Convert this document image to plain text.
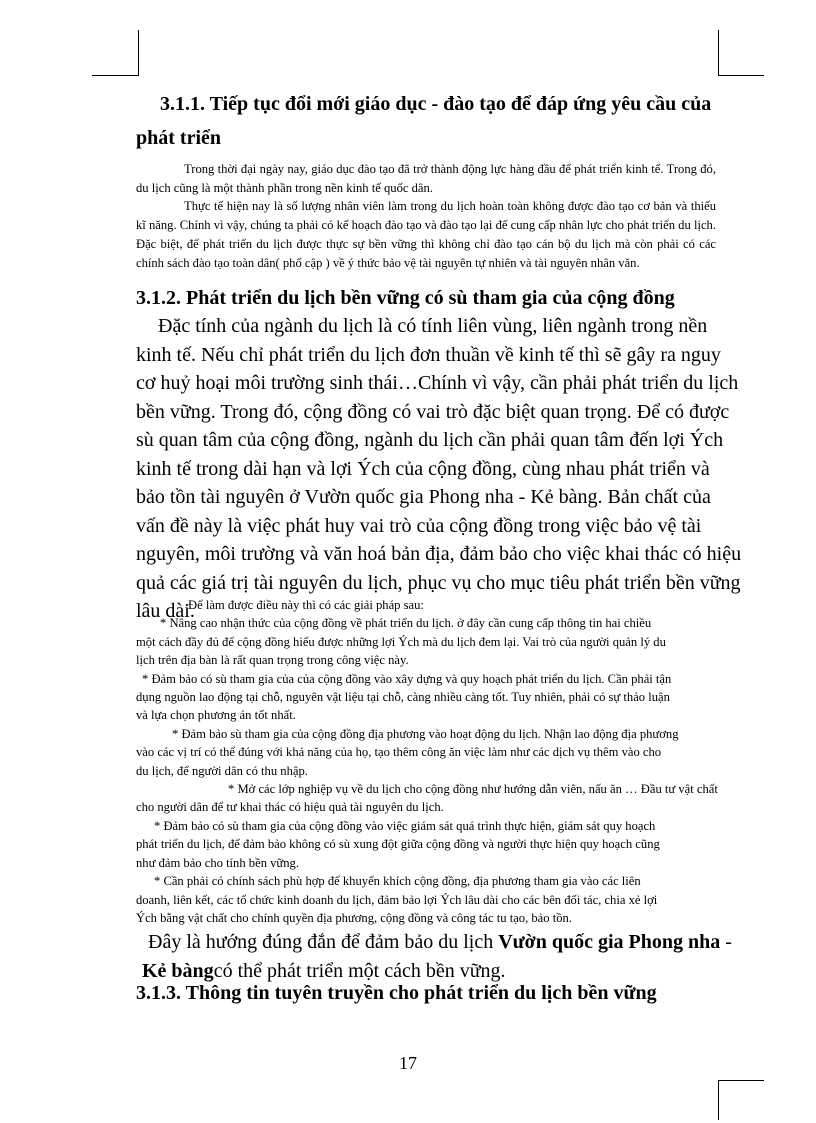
3.1.1. Tiếp tục đổi mới giáo dục - đào tạo để đáp ứng yêu cầu của
phát triển

Trong thời đại ngày nay, giáo dục đào tạo đã trở thành động lực hàng đầu để phát triển kinh tế. Trong đó, du lịch cũng là một thành phần trong nền kinh tế quốc dân.

Thực tế hiện nay là số lượng nhân viên làm trong du lịch hoàn toàn không được đào tạo cơ bản và thiếu kĩ năng. Chính vì vậy, chúng ta phải có kế hoạch đào tạo và đào tạo lại để cung cấp nhân lực cho phát triển du lịch. Đặc biệt, để phát triển du lịch được thực sự bền vững thì không chỉ đào tạo cán bộ du lịch mà còn phải có các chính sách đào tạo toàn dân( phổ cập ) về ý thức bảo vệ tài nguyên tự nhiên và tài nguyên nhân văn.

3.1.2. Phát triển du lịch bền vững có sù tham gia của cộng đồng
Đặc tính của ngành du lịch là có tính liên vùng, liên ngành trong nền
kinh tế. Nếu chỉ phát triển du lịch đơn thuần về kinh tế thì sẽ gây ra nguy
cơ huỷ hoại môi trường sinh thái…Chính vì vậy, cần phải phát triển du lịch
bền vững. Trong đó, cộng đồng có vai trò đặc biệt quan trọng. Để có được
sù quan tâm của cộng đồng, ngành du lịch cần phải quan tâm đến lợi Ých
kinh tế trong dài hạn và lợi Ých của cộng đồng, cùng nhau phát triển và
bảo tồn tài nguyên ở Vườn quốc gia Phong nha - Kẻ bàng. Bản chất của
vấn đề này là việc phát huy vai trò của cộng đồng trong việc bảo vệ tài
nguyên, môi trường và văn hoá bản địa, đảm bảo cho việc khai thác có hiệu
quả các giá trị tài nguyên du lịch, phục vụ cho mục tiêu phát triển bền vững
lâu dài.
Để làm được điều này thì có các giải pháp sau:
* Nâng cao nhận thức của cộng đồng về phát triển du lịch. ở đây cần cung cấp thông tin hai chiều
một cách đầy đủ để cộng đồng hiểu được những lợi Ých mà du lịch đem lại. Vai trò của người quản lý du
lịch trên địa bàn là rất quan trọng trong công việc này.
* Đảm bảo có sù tham gia của của cộng đồng vào xây dựng và quy hoạch phát triển du lịch. Cần phải tận
dụng nguồn lao động tại chỗ, nguyên vật liệu tại chỗ, càng nhiều càng tốt. Tuy nhiên, phải có sự thảo luận
và lựa chọn phương án tốt nhất.
* Đảm bảo sù tham gia của cộng đồng địa phương vào hoạt động du lịch. Nhận lao động địa phương
vào các vị trí có thể đúng với khả năng của họ, tạo thêm công ăn việc làm như các dịch vụ thêm vào cho
du lịch, để người dân có thu nhập.
* Mở các lớp nghiệp vụ về du lịch cho cộng đồng như hướng dẫn viên, nấu ăn … Đầu tư vật chất
cho người dân để tư khai thác có hiệu quả tài nguyên du lịch.
* Đảm bảo có sù tham gia của cộng đồng vào việc giám sát quá trình thực hiện, giám sát quy hoạch
phát triển du lịch, để đảm bảo không có sù xung đột giữa cộng đồng và người thực hiện quy hoạch cũng
như đảm bảo cho tính bền vững.
* Cần phải có chính sách phù hợp để khuyến khích cộng đồng, địa phương tham gia vào các liên
doanh, liên kết, các tổ chức kinh doanh du lịch, đảm bảo lợi Ých lâu dài cho các bên đối tác, chia xẻ lợi
Ých bằng vật chất cho chính quyền địa phương, cộng đồng và công tác tu tạo, bảo tồn.
Đây là hướng đúng đắn để đảm bảo du lịch Vườn quốc gia Phong nha -
Kẻ bàngcó thể phát triển một cách bền vững.
3.1.3. Thông tin tuyên truyền cho phát triển du lịch bền vững
17
